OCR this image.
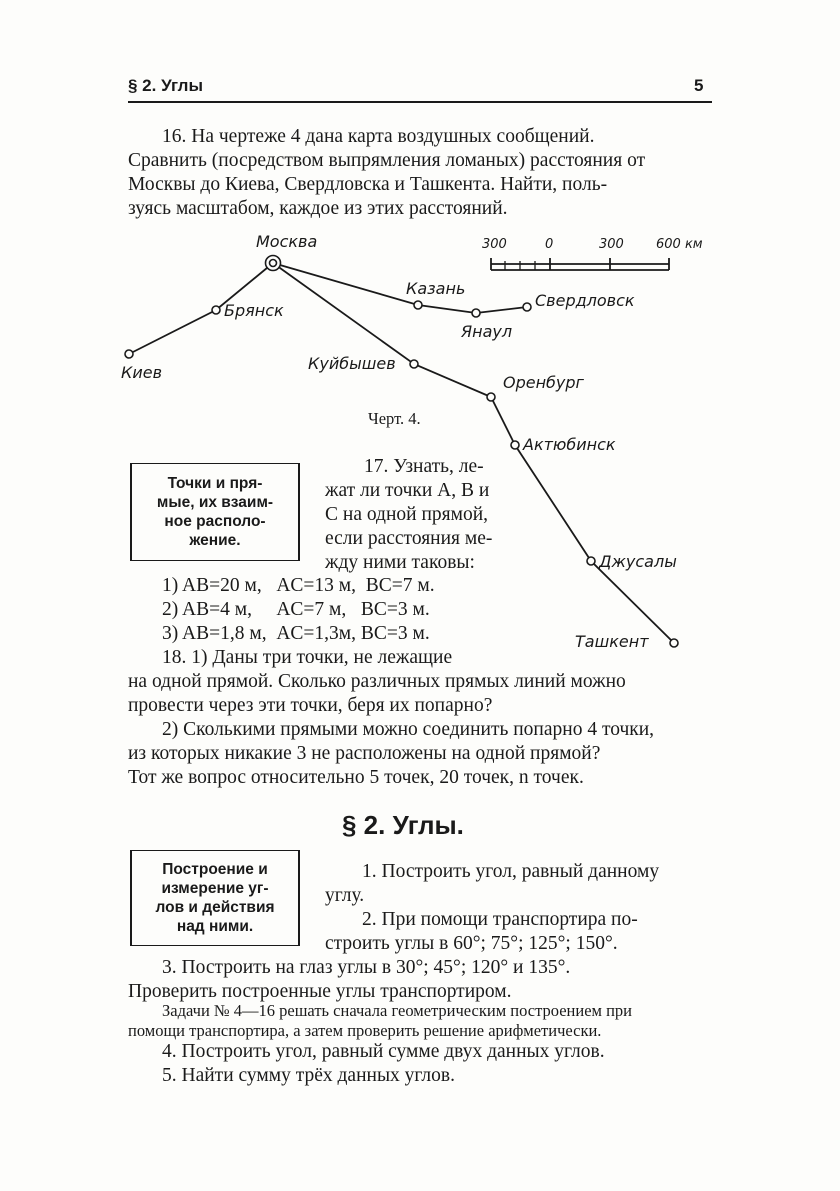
§ 2. Углы	5
16. На чертеже 4 дана карта воздушных сообщений.
Сравнить (посредством выпрямления ломаных) расстояния от
Москвы до Киева, Свердловска и Ташкента. Найти, поль-
зуясь масштабом, каждое из этих расстояний.
300	0	300 600 км
Москва
Брянск
Киев
Казань
Янаул
Свердловск
Куйбышев
Оренбург
Актюбинск
Джусалы
Ташкент
Черт. 4.
Точки и пря-
мые, их взаим-
ное располо-
жение.
17. Узнать, ле-
жат ли точки A, B и
C на одной прямой,
если расстояния ме-
жду ними таковы:
1) AB=20 м,   AC=13 м,  BC=7 м.
2) AB=4 м,     AC=7 м,   BC=3 м.
3) AB=1,8 м,  AC=1,3м, BC=3 м.
18. 1) Даны три точки, не лежащие
на одной прямой. Сколько различных прямых линий можно
провести через эти точки, беря их попарно?
2) Сколькими прямыми можно соединить попарно 4 точки,
из которых никакие 3 не расположены на одной прямой?
Тот же вопрос относительно 5 точек, 20 точек, n точек.
§ 2. Углы.
Построение и
измерение уг-
лов и действия
над ними.
1. Построить угол, равный данному
углу.
2. При помощи транспортира по-
строить углы в 60°; 75°; 125°; 150°.
3. Построить на глаз углы в 30°; 45°; 120° и 135°.
Проверить построенные углы транспортиром.
Задачи № 4—16 решать сначала геометрическим построением при
помощи транспортира, а затем проверить решение арифметически.
4. Построить угол, равный сумме двух данных углов.
5. Найти сумму трёх данных углов.
